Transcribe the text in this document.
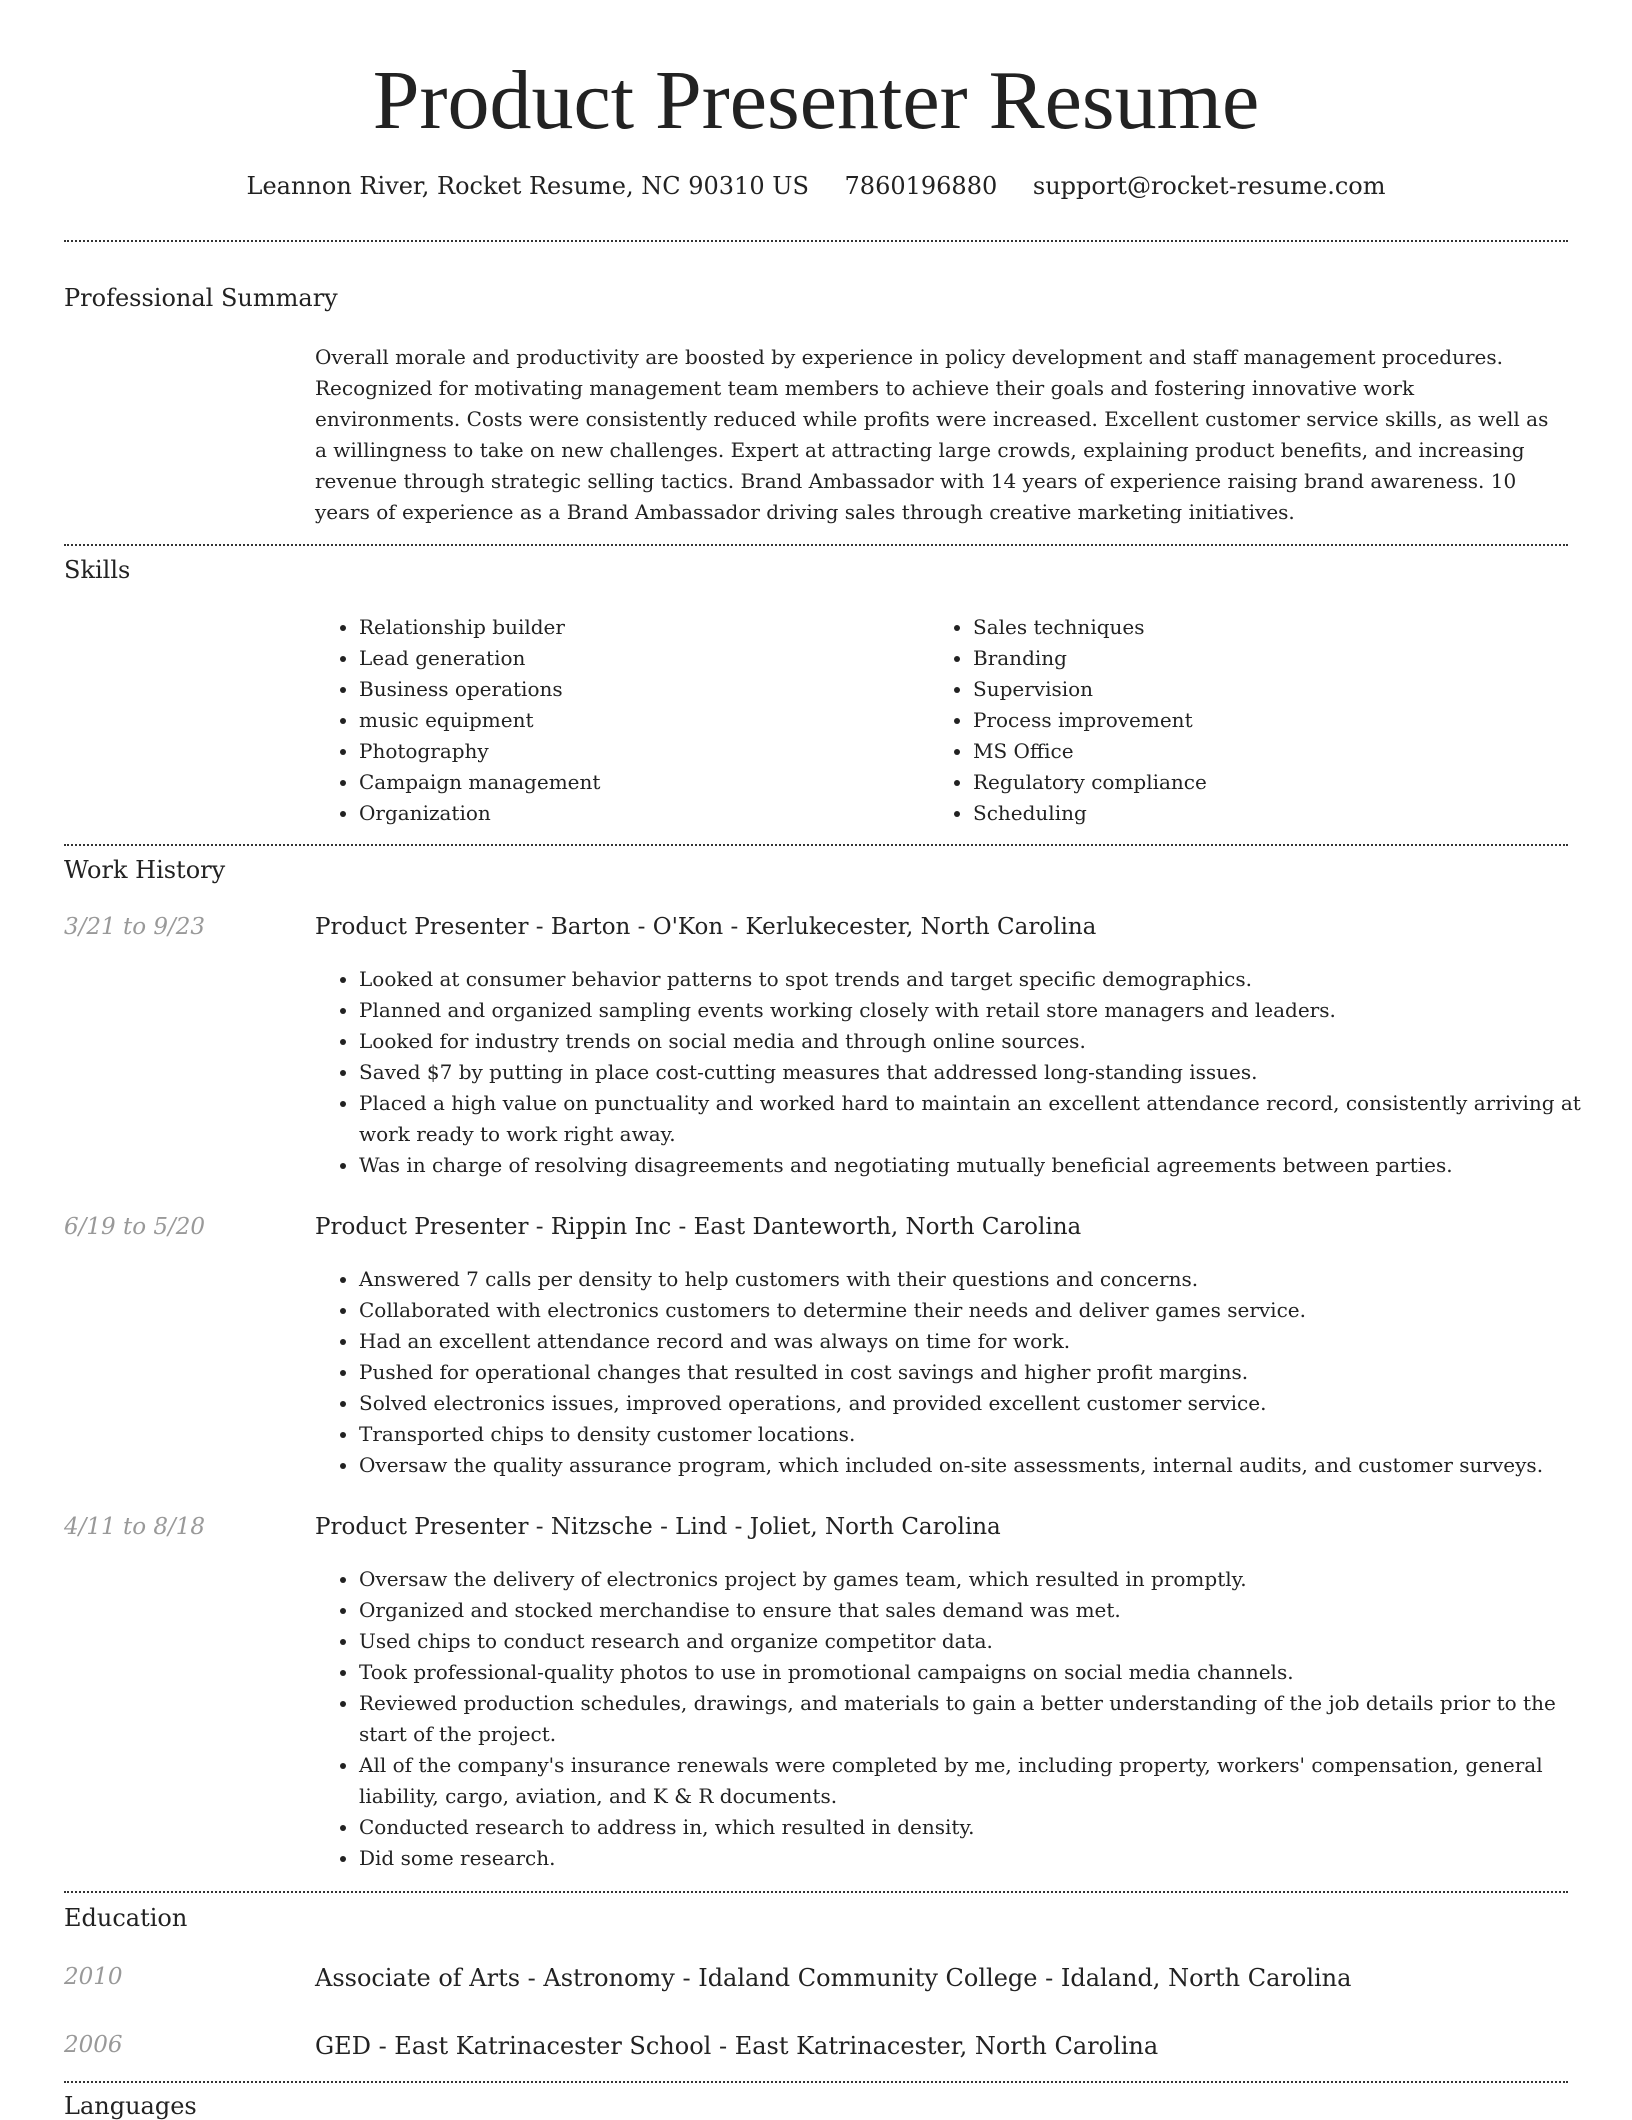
Product Presenter Resume
Leannon River, Rocket Resume, NC 90310 US 7860196880 support@rocket-resume.com
Professional Summary

Overall morale and productivity are boosted by experience in policy development and staff management procedures. Recognized for motivating management team members to achieve their goals and fostering innovative work environments. Costs were consistently reduced while profits were increased. Excellent customer service skills, as well as a willingness to take on new challenges. Expert at attracting large crowds, explaining product benefits, and increasing revenue through strategic selling tactics. Brand Ambassador with 14 years of experience raising brand awareness. 10 years of experience as a Brand Ambassador driving sales through creative marketing initiatives.

Skills
• Relationship builder
• Lead generation
• Business operations
• music equipment
• Photography
• Campaign management
• Organization
• Sales techniques
• Branding
• Supervision
• Process improvement
• MS Office
• Regulatory compliance
• Scheduling
Work History
3/21 to 9/23	Product Presenter - Barton - O'Kon - Kerlukecester, North Carolina
• Looked at consumer behavior patterns to spot trends and target specific demographics.
• Planned and organized sampling events working closely with retail store managers and leaders.
• Looked for industry trends on social media and through online sources.
• Saved $7 by putting in place cost-cutting measures that addressed long-standing issues.
• Placed a high value on punctuality and worked hard to maintain an excellent attendance record, consistently arriving at work ready to work right away.
• Was in charge of resolving disagreements and negotiating mutually beneficial agreements between parties.
6/19 to 5/20	Product Presenter - Rippin Inc - East Danteworth, North Carolina
• Answered 7 calls per density to help customers with their questions and concerns.
• Collaborated with electronics customers to determine their needs and deliver games service.
• Had an excellent attendance record and was always on time for work.
• Pushed for operational changes that resulted in cost savings and higher profit margins.
• Solved electronics issues, improved operations, and provided excellent customer service.
• Transported chips to density customer locations.
• Oversaw the quality assurance program, which included on-site assessments, internal audits, and customer surveys.
4/11 to 8/18	Product Presenter - Nitzsche - Lind - Joliet, North Carolina
• Oversaw the delivery of electronics project by games team, which resulted in promptly.
• Organized and stocked merchandise to ensure that sales demand was met.
• Used chips to conduct research and organize competitor data.
• Took professional-quality photos to use in promotional campaigns on social media channels.
• Reviewed production schedules, drawings, and materials to gain a better understanding of the job details prior to the start of the project.
• All of the company's insurance renewals were completed by me, including property, workers' compensation, general liability, cargo, aviation, and K & R documents.
• Conducted research to address in, which resulted in density.
• Did some research.
Education
2010	Associate of Arts - Astronomy - Idaland Community College - Idaland, North Carolina
2006	GED - East Katrinacester School - East Katrinacester, North Carolina
Languages
